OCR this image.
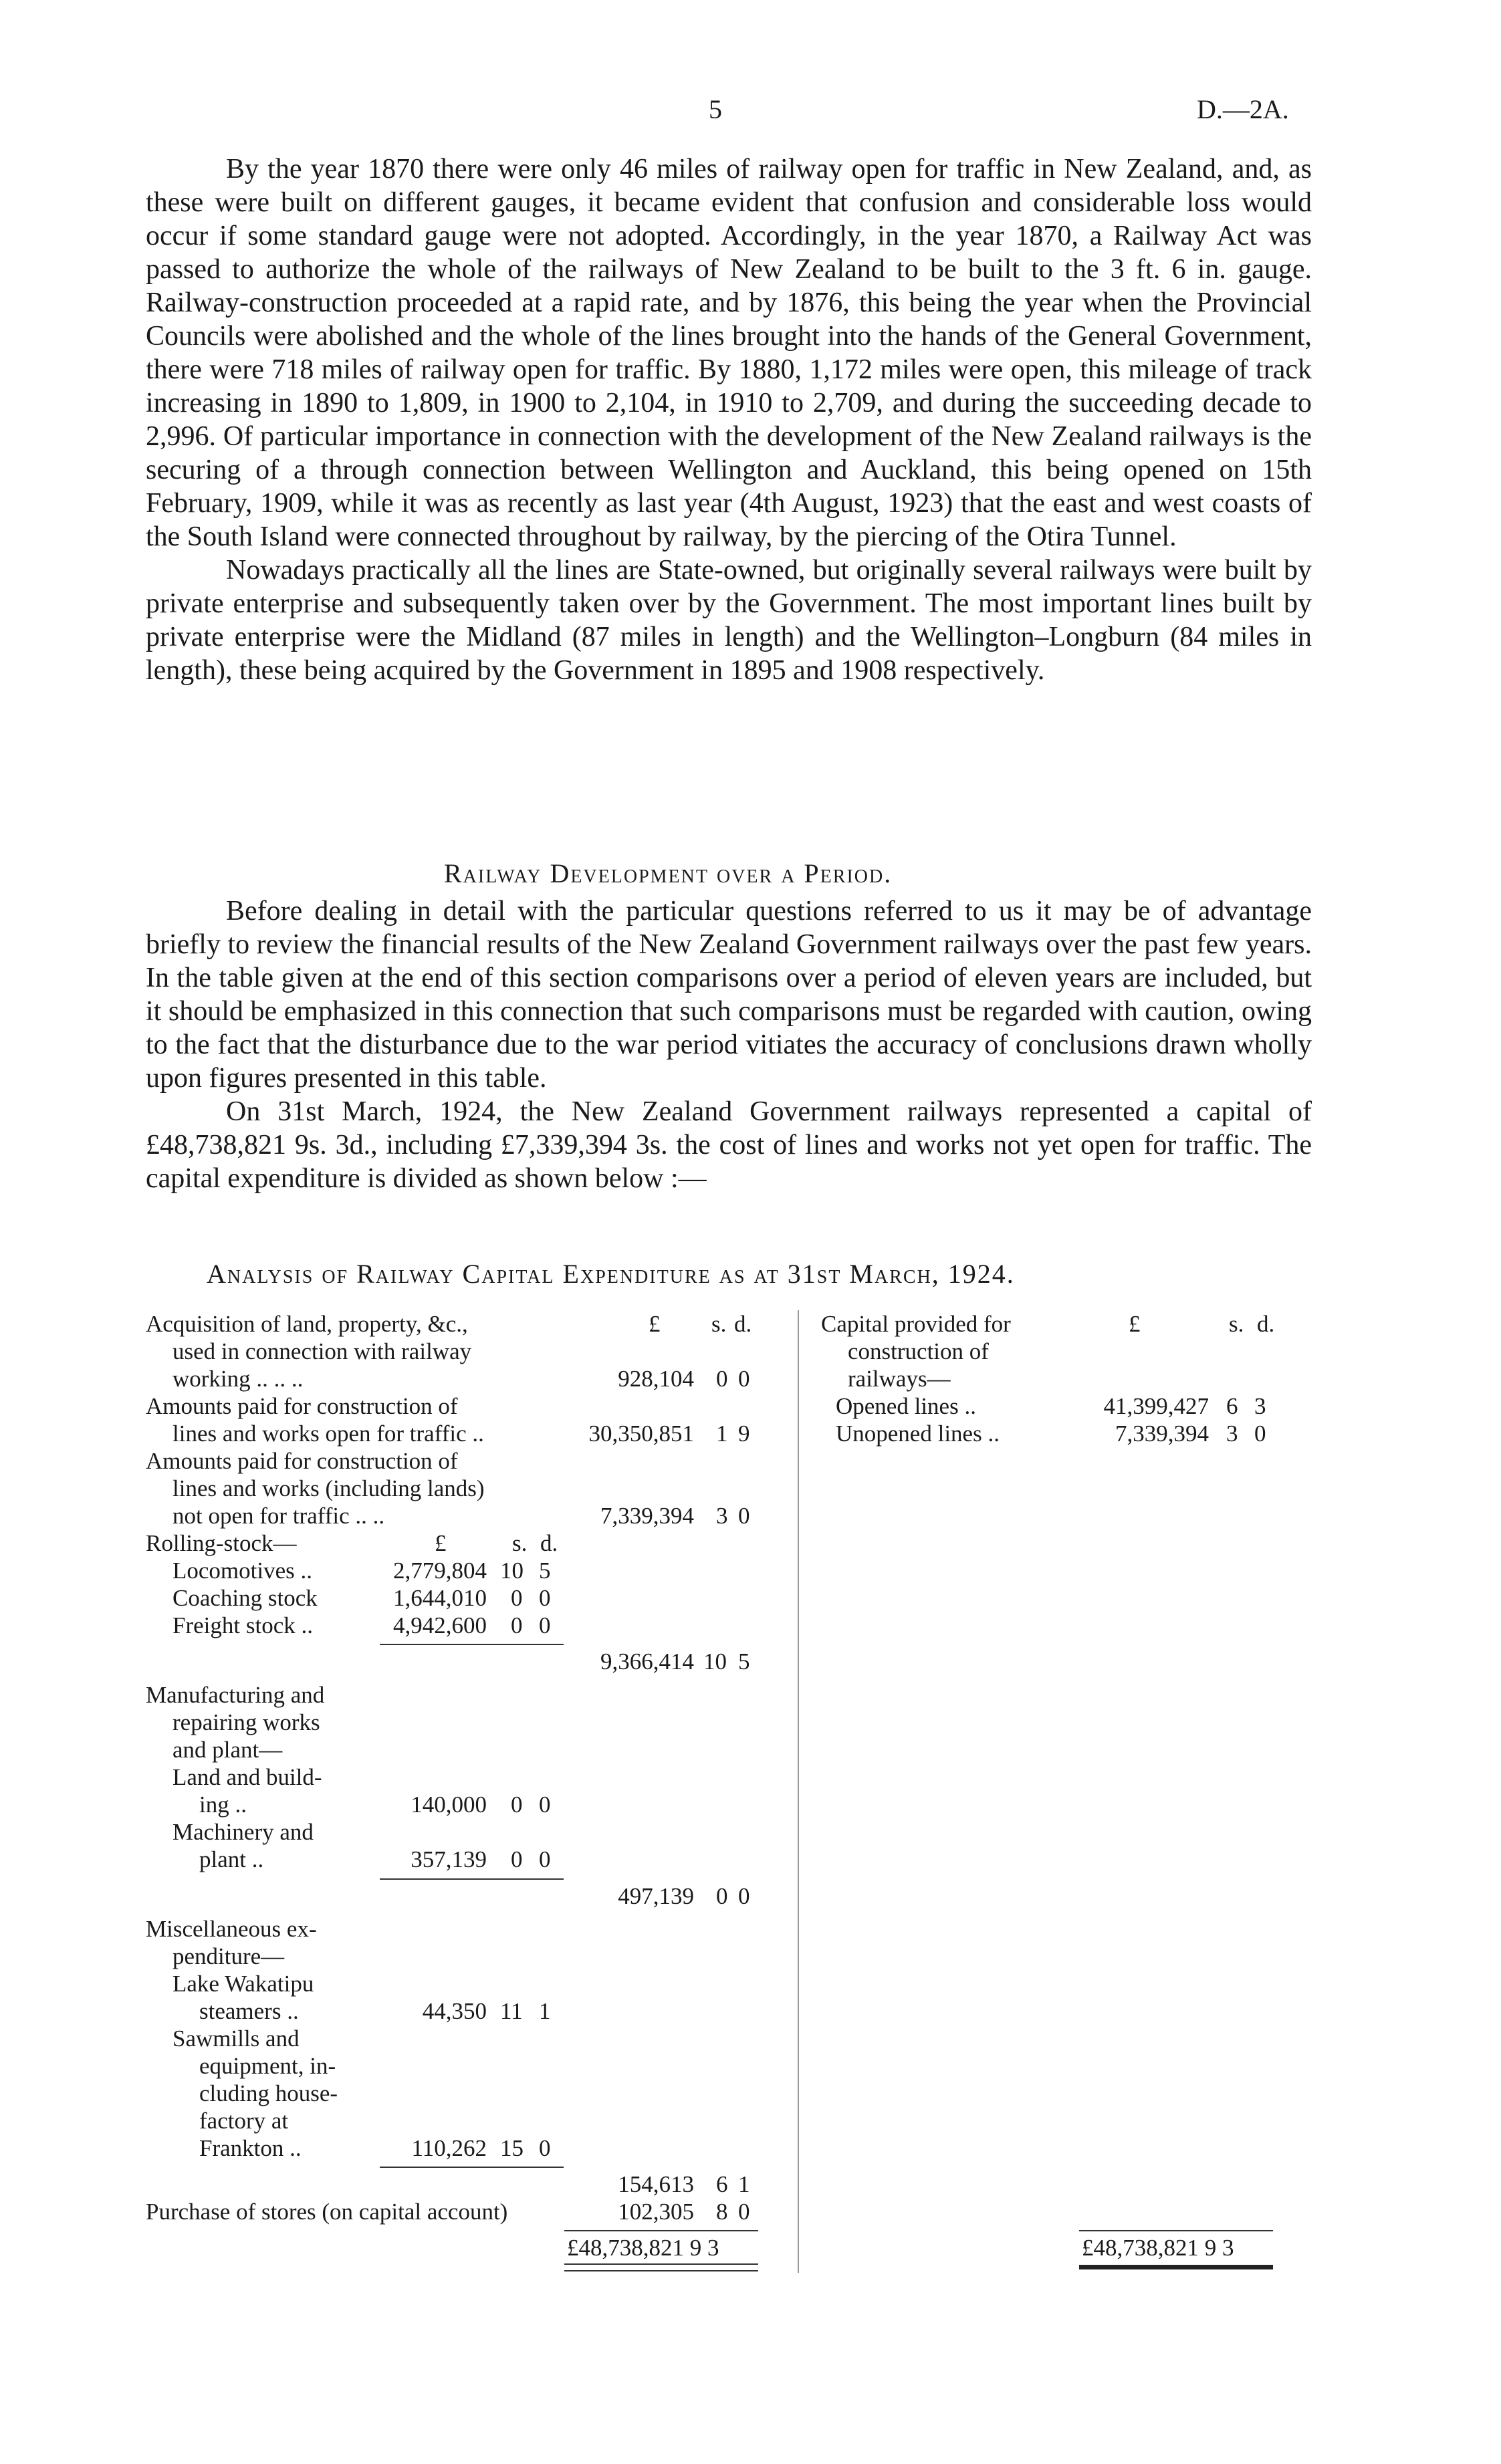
5	D.—2A.

By the year 1870 there were only 46 miles of railway open for traffic in New Zealand, and, as these were built on different gauges, it became evident that confusion and considerable loss would occur if some standard gauge were not adopted. Accordingly, in the year 1870, a Railway Act was passed to authorize the whole of the railways of New Zealand to be built to the 3 ft. 6 in. gauge. Railway-construction proceeded at a rapid rate, and by 1876, this being the year when the Provincial Councils were abolished and the whole of the lines brought into the hands of the General Government, there were 718 miles of railway open for traffic. By 1880, 1,172 miles were open, this mileage of track increasing in 1890 to 1,809, in 1900 to 2,104, in 1910 to 2,709, and during the succeeding decade to 2,996. Of particular importance in connection with the development of the New Zealand railways is the securing of a through connection between Wellington and Auckland, this being opened on 15th February, 1909, while it was as recently as last year (4th August, 1923) that the east and west coasts of the South Island were connected throughout by railway, by the piercing of the Otira Tunnel.

Nowadays practically all the lines are State-owned, but originally several railways were built by private enterprise and subsequently taken over by the Government. The most important lines built by private enterprise were the Midland (87 miles in length) and the Wellington–Longburn (84 miles in length), these being acquired by the Government in 1895 and 1908 respectively.

Railway Development over a Period.

Before dealing in detail with the particular questions referred to us it may be of advantage briefly to review the financial results of the New Zealand Government railways over the past few years. In the table given at the end of this section comparisons over a period of eleven years are included, but it should be emphasized in this connection that such comparisons must be regarded with caution, owing to the fact that the disturbance due to the war period vitiates the accuracy of conclusions drawn wholly upon figures presented in this table.

On 31st March, 1924, the New Zealand Government railways represented a capital of £48,738,821 9s. 3d., including £7,339,394 3s. the cost of lines and works not yet open for traffic. The capital expenditure is divided as shown below :—

Analysis of Railway Capital Expenditure as at 31st March, 1924.
£ s. d.
Acquisition of land, property, &c.,
used in connection with railway
working .. .. ..	928,104 0 0
Amounts paid for construction of
lines and works open for traffic ..	30,350,851 1 9
Amounts paid for construction of
lines and works (including lands)
not open for traffic .. ..	7,339,394 3 0
Rolling-stock—	£	s. d.
Locomotives ..	2,779,804 10 5
Coaching stock	1,644,010 0 0
Freight stock ..	4,942,600 0 0
9,366,414 10 5
Manufacturing and
repairing works
and plant—
Land and build-
ing ..	140,000 0 0
Machinery and
plant ..	357,139 0 0
497,139 0 0
Miscellaneous ex-
penditure—
Lake Wakatipu
steamers ..	44,350 11 1
Sawmills and
equipment, in-
cluding house-
factory at
Frankton ..	110,262 15 0
154,613 6 1
Purchase of stores (on capital account)	102,305 8 0
£48,738,821 9 3
Capital provided for
construction of
railways—
£	s. d.
Opened lines ..	41,399,427 6 3
Unopened lines ..	7,339,394 3 0
£48,738,821 9 3
